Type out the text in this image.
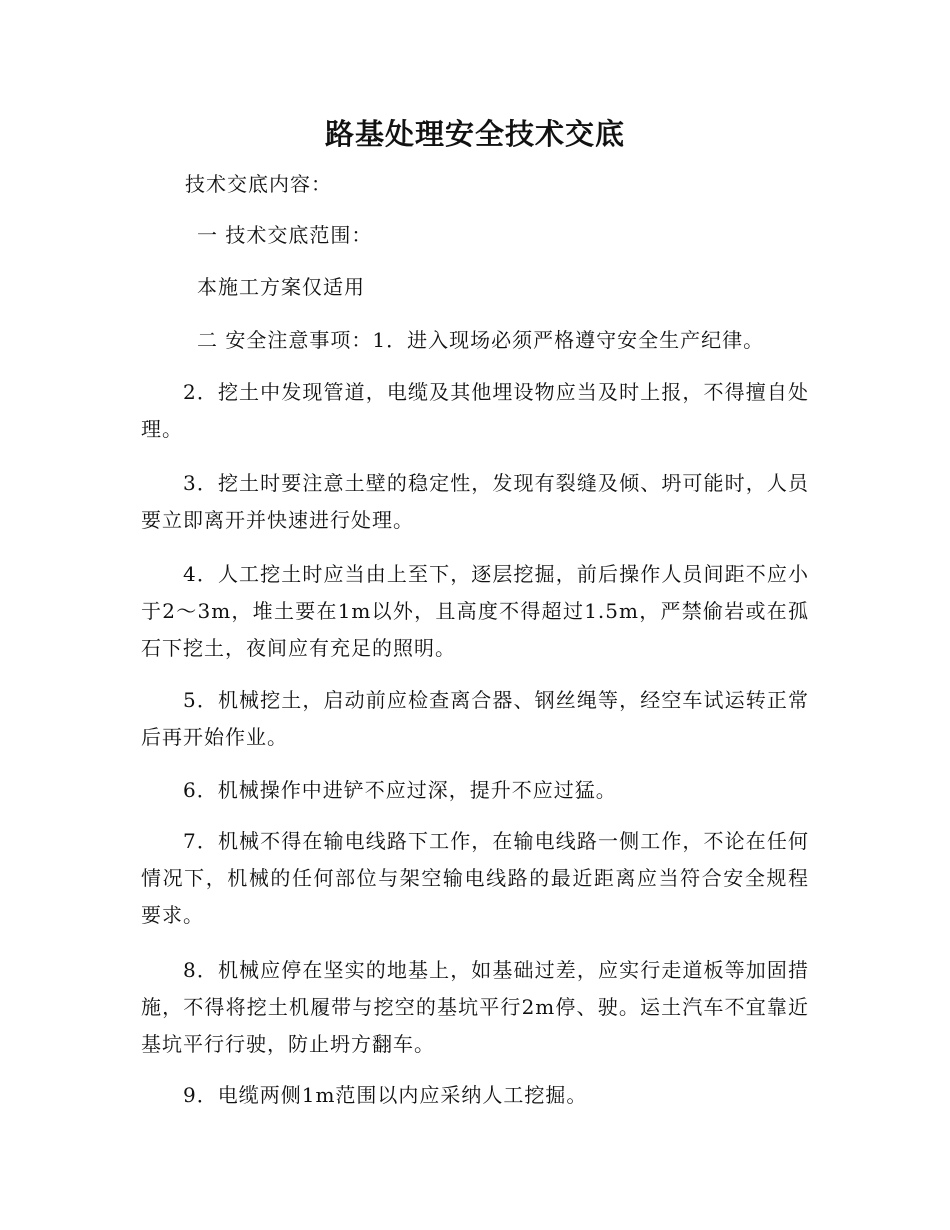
路基处理安全技术交底

技术交底内容：

一 技术交底范围：

本施工方案仅适用

二 安全注意事项：1．进入现场必须严格遵守安全生产纪律。

2．挖土中发现管道，电缆及其他埋设物应当及时上报，不得擅自处理。

3．挖土时要注意土壁的稳定性，发现有裂缝及倾、坍可能时，人员要立即离开并快速进行处理。

4．人工挖土时应当由上至下，逐层挖掘，前后操作人员间距不应小于2～3m，堆土要在1m以外，且高度不得超过1.5m，严禁偷岩或在孤石下挖土，夜间应有充足的照明。

5．机械挖土，启动前应检查离合器、钢丝绳等，经空车试运转正常后再开始作业。

6．机械操作中进铲不应过深，提升不应过猛。

7．机械不得在输电线路下工作，在输电线路一侧工作，不论在任何情况下，机械的任何部位与架空输电线路的最近距离应当符合安全规程要求。

8．机械应停在坚实的地基上，如基础过差，应实行走道板等加固措施，不得将挖土机履带与挖空的基坑平行2m停、驶。运土汽车不宜靠近基坑平行行驶，防止坍方翻车。

9．电缆两侧1m范围以内应采纳人工挖掘。
